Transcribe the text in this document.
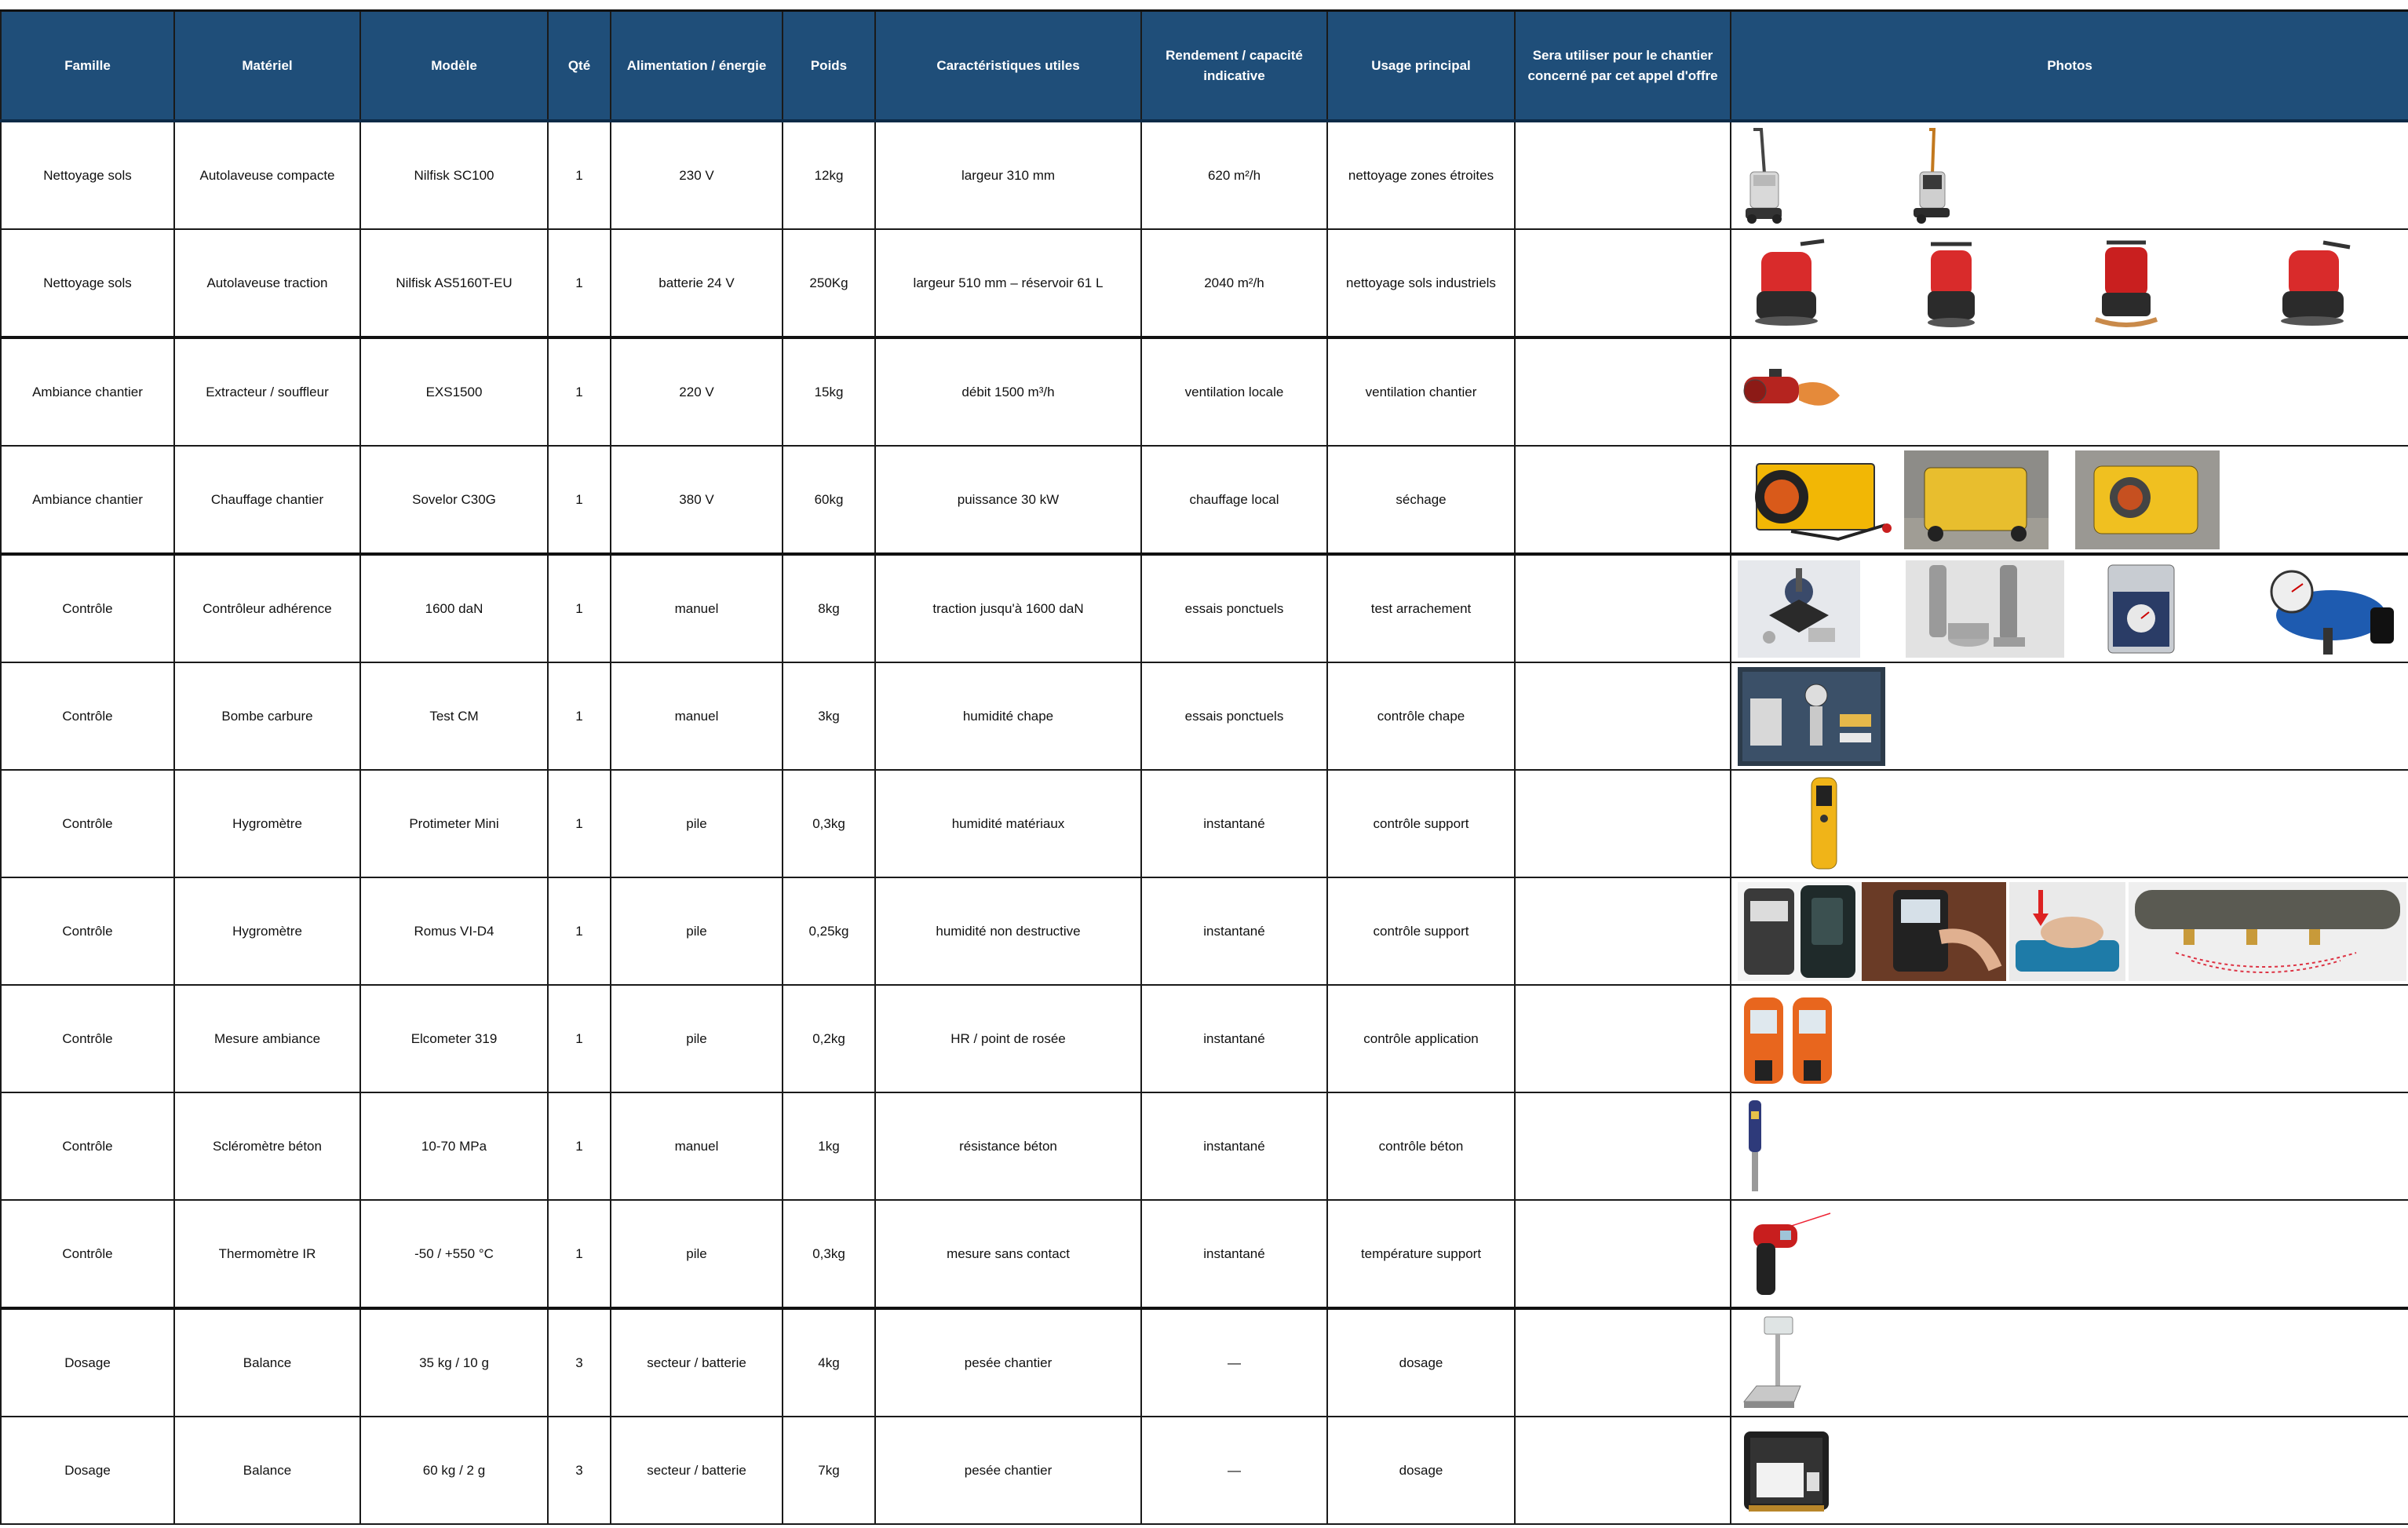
Famille	Matériel	Modèle	Qté	Alimentation / énergie	Poids	Caractéristiques utiles	Rendement / capacité indicative	Usage principal	Sera utiliser pour le chantier concerné par cet appel d'offre	Photos
Nettoyage sols	Autolaveuse compacte	Nilfisk SC100	1	230 V	12kg	largeur 310 mm	620 m²/h	nettoyage zones étroites		

Nettoyage sols	Autolaveuse traction	Nilfisk AS5160T-EU	1	batterie 24 V	250Kg	largeur 510 mm – réservoir 61 L	2040 m²/h	nettoyage sols industriels		

Ambiance chantier	Extracteur / souffleur	EXS1500	1	220 V	15kg	débit 1500 m³/h	ventilation locale	ventilation chantier		

Ambiance chantier	Chauffage chantier	Sovelor C30G	1	380 V	60kg	puissance 30 kW	chauffage local	séchage		

Contrôle	Contrôleur adhérence	1600 daN	1	manuel	8kg	traction jusqu'à 1600 daN	essais ponctuels	test arrachement		

Contrôle	Bombe carbure	Test CM	1	manuel	3kg	humidité chape	essais ponctuels	contrôle chape		

Contrôle	Hygromètre	Protimeter Mini	1	pile	0,3kg	humidité matériaux	instantané	contrôle support		

Contrôle	Hygromètre	Romus VI-D4	1	pile	0,25kg	humidité non destructive	instantané	contrôle support		

Contrôle	Mesure ambiance	Elcometer 319	1	pile	0,2kg	HR / point de rosée	instantané	contrôle application		

Contrôle	Scléromètre béton	10-70 MPa	1	manuel	1kg	résistance béton	instantané	contrôle béton		

Contrôle	Thermomètre IR	-50 / +550 °C	1	pile	0,3kg	mesure sans contact	instantané	température support		

Dosage	Balance	35 kg / 10 g	3	secteur / batterie	4kg	pesée chantier	—	dosage		

Dosage	Balance	60 kg / 2 g	3	secteur / batterie	7kg	pesée chantier	—	dosage		
